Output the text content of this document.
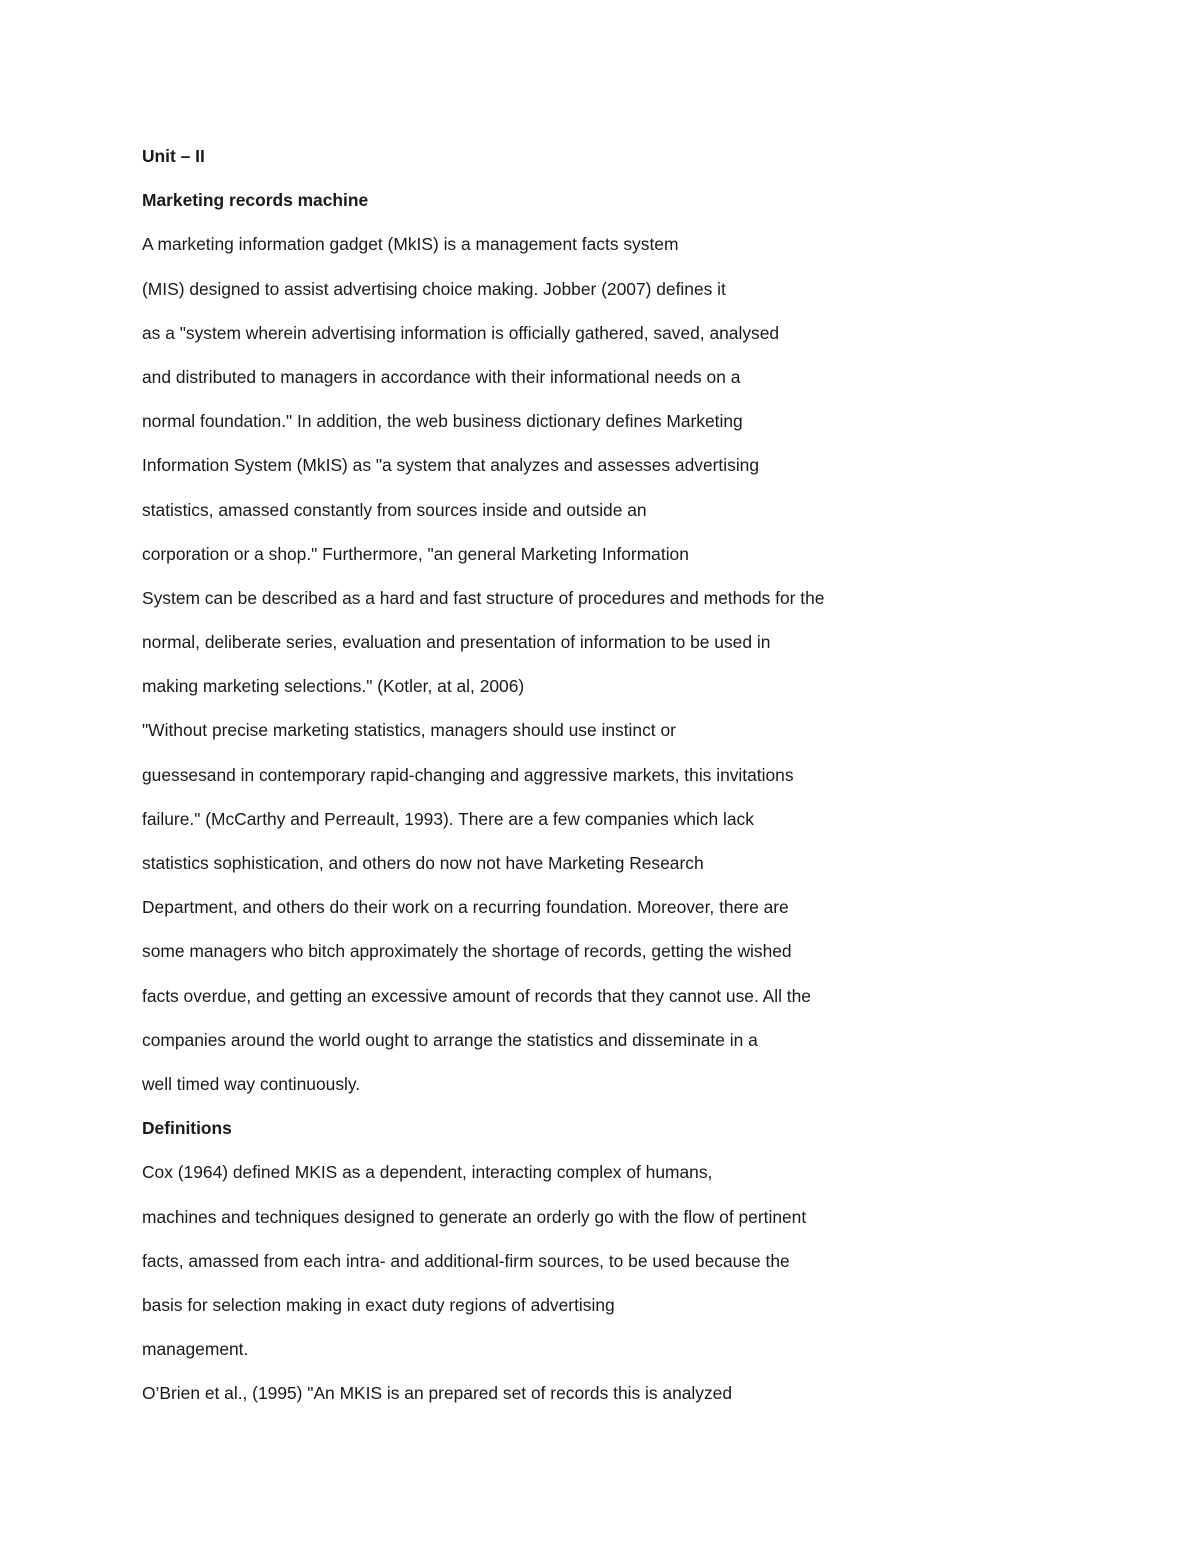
Unit – II
Marketing records machine
A marketing information gadget (MkIS) is a management facts system
(MIS) designed to assist advertising choice making. Jobber (2007) defines it
as a "system wherein advertising information is officially gathered, saved, analysed
and distributed to managers in accordance with their informational needs on a
normal foundation." In addition, the web business dictionary defines Marketing
Information System (MkIS) as "a system that analyzes and assesses advertising
statistics, amassed constantly from sources inside and outside an
corporation or a shop." Furthermore, "an general Marketing Information
System can be described as a hard and fast structure of procedures and methods for the
normal, deliberate series, evaluation and presentation of information to be used in
making marketing selections." (Kotler, at al, 2006)
"Without precise marketing statistics, managers should use instinct or
guessesand in contemporary rapid-changing and aggressive markets, this invitations
failure." (McCarthy and Perreault, 1993). There are a few companies which lack
statistics sophistication, and others do now not have Marketing Research
Department, and others do their work on a recurring foundation. Moreover, there are
some managers who bitch approximately the shortage of records, getting the wished
facts overdue, and getting an excessive amount of records that they cannot use. All the
companies around the world ought to arrange the statistics and disseminate in a
well timed way continuously.
Definitions
Cox (1964) defined MKIS as a dependent, interacting complex of humans,
machines and techniques designed to generate an orderly go with the flow of pertinent
facts, amassed from each intra- and additional-firm sources, to be used because the
basis for selection making in exact duty regions of advertising
management.
O’Brien et al., (1995) "An MKIS is an prepared set of records this is analyzed
